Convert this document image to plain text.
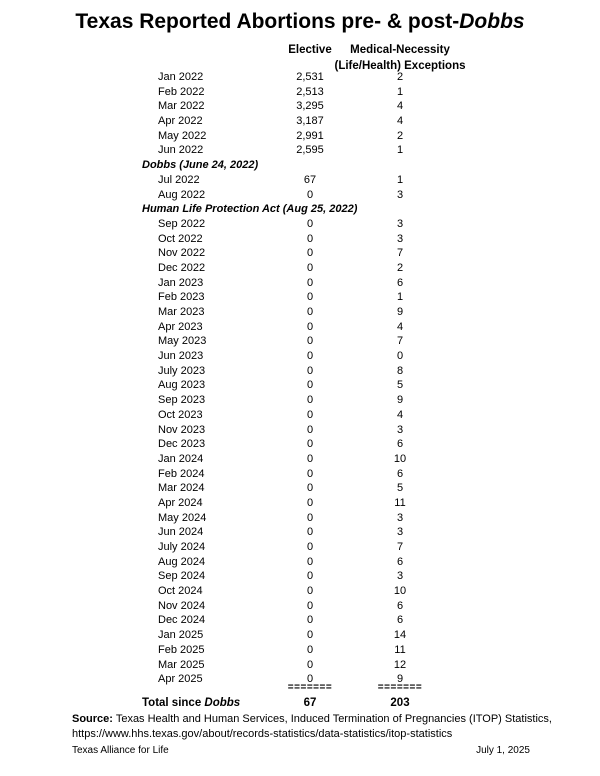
Texas Reported Abortions pre- & post-Dobbs
Elective	Medical-Necessity
(Life/Health) Exceptions
Jan 2022	2,531	2
Feb 2022	2,513	1
Mar 2022	3,295	4
Apr 2022	3,187	4
May 2022	2,991	2
Jun 2022	2,595	1
Dobbs (June 24, 2022)
Jul 2022	67	1
Aug 2022	0	3
Human Life Protection Act (Aug 25, 2022)
Sep 2022	0	3
Oct 2022	0	3
Nov 2022	0	7
Dec 2022	0	2
Jan 2023	0	6
Feb 2023	0	1
Mar 2023	0	9
Apr 2023	0	4
May 2023	0	7
Jun 2023	0	0
July 2023	0	8
Aug 2023	0	5
Sep 2023	0	9
Oct 2023	0	4
Nov 2023	0	3
Dec 2023	0	6
Jan 2024	0	10
Feb 2024	0	6
Mar 2024	0	5
Apr 2024	0	11
May 2024	0	3
Jun 2024	0	3
July 2024	0	7
Aug 2024	0	6
Sep 2024	0	3
Oct 2024	0	10
Nov 2024	0	6
Dec 2024	0	6
Jan 2025	0	14
Feb 2025	0	11
Mar 2025	0	12
Apr 2025	0	9
=======	=======
Total since Dobbs	67	203
Source: Texas Health and Human Services, Induced Termination of Pregnancies (ITOP) Statistics,
https://www.hhs.texas.gov/about/records-statistics/data-statistics/itop-statistics
Texas Alliance for Life	July 1, 2025
